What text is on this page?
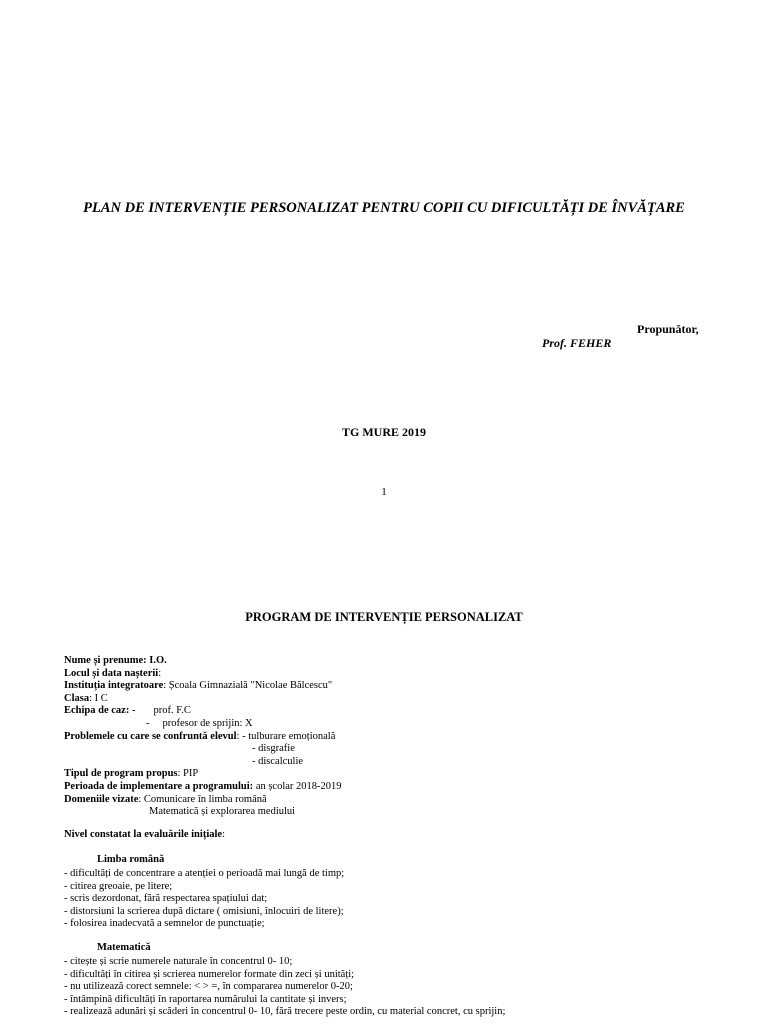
PLAN DE INTERVENȚIE PERSONALIZAT PENTRU COPII CU DIFICULTĂȚI DE ÎNVĂȚARE
Propunător,
Prof. FEHER
TG MURE 2019
1
PROGRAM DE INTERVENȚIE PERSONALIZAT
Nume și prenume: I.O.
Locul și data nașterii:
Instituția integratoare: Școala Gimnazială "Nicolae Bălcescu"
Clasa: I C
Echipa de caz: - prof. F.C
- profesor de sprijin: X
Problemele cu care se confruntă elevul: - tulburare emoțională
- disgrafie
- discalculie
Tipul de program propus: PIP
Perioada de implementare a programului: an școlar 2018-2019
Domeniile vizate: Comunicare în limba română
Matematică și explorarea mediului
Nivel constatat la evaluările inițiale:
Limba română
- dificultăți de concentrare a atenției o perioadă mai lungă de timp;
- citirea greoaie, pe litere;
- scris dezordonat, fără respectarea spațiului dat;
- distorsiuni la scrierea după dictare ( omisiuni, înlocuiri de litere);
- folosirea inadecvată a semnelor de punctuație;
Matematică
- citește și scrie numerele naturale în concentrul 0- 10;
- dificultăți în citirea și scrierea numerelor formate din zeci și unități;
- nu utilizează corect semnele: < > =, în compararea numerelor 0-20;
- întâmpină dificultăți în raportarea numărului la cantitate și invers;
- realizează adunări și scăderi în concentrul 0- 10, fără trecere peste ordin, cu material concret, cu sprijin;
